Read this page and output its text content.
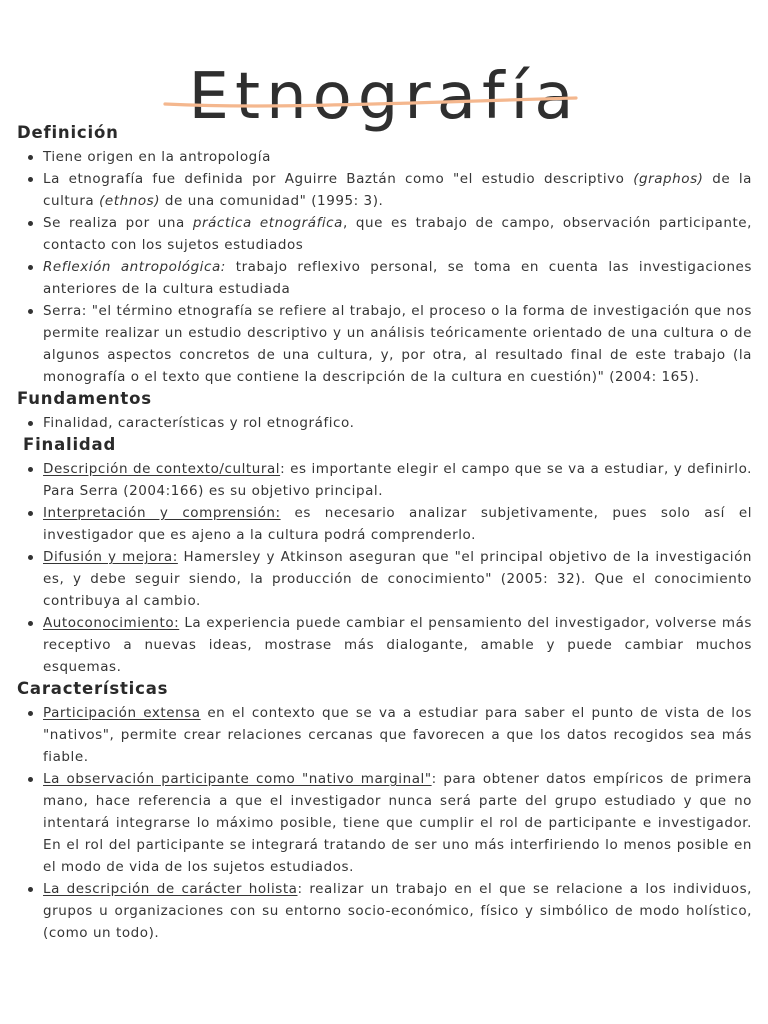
Etnografía
Definición
Tiene origen en la antropología
La etnografía fue definida por Aguirre Baztán como "el estudio descriptivo (graphos) de la cultura (ethnos) de una comunidad" (1995: 3).
Se realiza por una práctica etnográfica, que es trabajo de campo, observación participante, contacto con los sujetos estudiados
Reflexión antropológica: trabajo reflexivo personal, se toma en cuenta las investigaciones anteriores de la cultura estudiada
Serra: "el término etnografía se refiere al trabajo, el proceso o la forma de investigación que nos permite realizar un estudio descriptivo y un análisis teóricamente orientado de una cultura o de algunos aspectos concretos de una cultura, y, por otra, al resultado final de este trabajo (la monografía o el texto que contiene la descripción de la cultura en cuestión)" (2004: 165).
Fundamentos
Finalidad, características y rol etnográfico.
Finalidad
Descripción de contexto/cultural: es importante elegir el campo que se va a estudiar, y definirlo. Para Serra (2004:166) es su objetivo principal.
Interpretación y comprensión: es necesario analizar subjetivamente, pues solo así el investigador que es ajeno a la cultura podrá comprenderlo.
Difusión y mejora: Hamersley y Atkinson aseguran que "el principal objetivo de la investigación es, y debe seguir siendo, la producción de conocimiento" (2005: 32). Que el conocimiento contribuya al cambio.
Autoconocimiento: La experiencia puede cambiar el pensamiento del investigador, volverse más receptivo a nuevas ideas, mostrase más dialogante, amable y puede cambiar muchos esquemas.
Características
Participación extensa en el contexto que se va a estudiar para saber el punto de vista de los "nativos", permite crear relaciones cercanas que favorecen a que los datos recogidos sea más fiable.
La observación participante como "nativo marginal": para obtener datos empíricos de primera mano, hace referencia a que el investigador nunca será parte del grupo estudiado y que no intentará integrarse lo máximo posible, tiene que cumplir el rol de participante e investigador. En el rol del participante se integrará tratando de ser uno más interfiriendo lo menos posible en el modo de vida de los sujetos estudiados.
La descripción de carácter holista: realizar un trabajo en el que se relacione a los individuos, grupos u organizaciones con su entorno socio-económico, físico y simbólico de modo holístico, (como un todo).
